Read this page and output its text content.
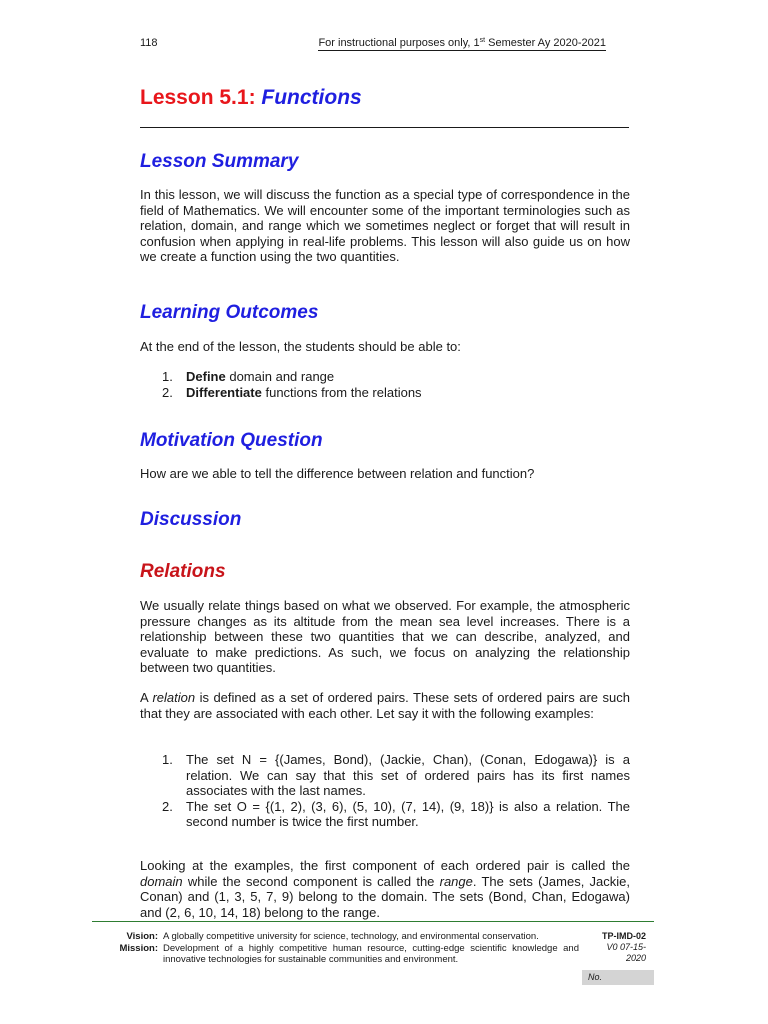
118	For instructional purposes only, 1st Semester Ay 2020-2021
Lesson 5.1: Functions
Lesson Summary

In this lesson, we will discuss the function as a special type of correspondence in the field of Mathematics. We will encounter some of the important terminologies such as relation, domain, and range which we sometimes neglect or forget that will result in confusion when applying in real-life problems. This lesson will also guide us on how we create a function using the two quantities.

Learning Outcomes

At the end of the lesson, the students should be able to:

1. Define domain and range
2. Differentiate functions from the relations
Motivation Question

How are we able to tell the difference between relation and function?

Discussion
Relations

We usually relate things based on what we observed. For example, the atmospheric pressure changes as its altitude from the mean sea level increases. There is a relationship between these two quantities that we can describe, analyzed, and evaluate to make predictions. As such, we focus on analyzing the relationship between two quantities.

A relation is defined as a set of ordered pairs. These sets of ordered pairs are such that they are associated with each other. Let say it with the following examples:

1. The set N = {(James, Bond), (Jackie, Chan), (Conan, Edogawa)} is a relation. We can say that this set of ordered pairs has its first names associates with the last names.
2. The set O = {(1, 2), (3, 6), (5, 10), (7, 14), (9, 18)} is also a relation. The second number is twice the first number.

Looking at the examples, the first component of each ordered pair is called the domain while the second component is called the range. The sets (James, Jackie, Conan) and (1, 3, 5, 7, 9) belong to the domain. The sets (Bond, Chan, Edogawa) and (2, 6, 10, 14, 18) belong to the range.

Vision: A globally competitive university for science, technology, and environmental conservation.
Mission: Development of a highly competitive human resource, cutting-edge scientific knowledge and innovative technologies for sustainable communities and environment.
TP-IMD-02
V0 07-15-
2020
No.
